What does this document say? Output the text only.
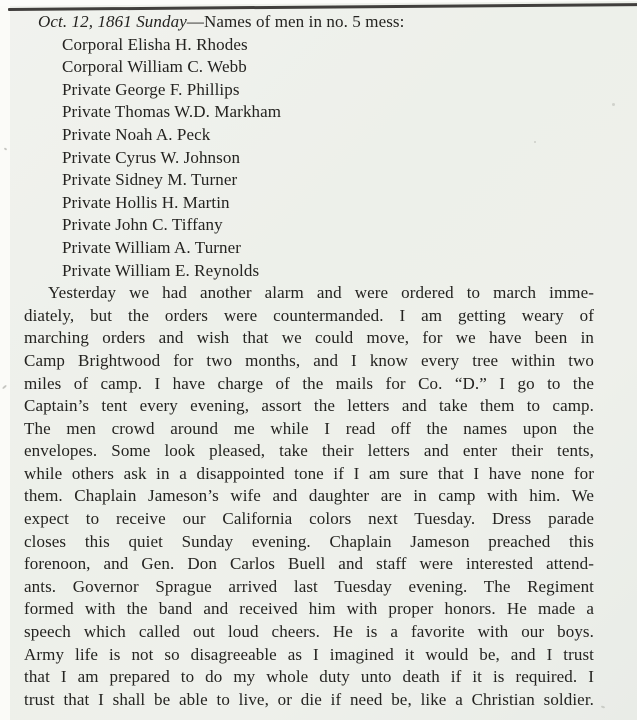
Oct. 12, 1861 Sunday—Names of men in no. 5 mess:
Corporal Elisha H. Rhodes
Corporal William C. Webb
Private George F. Phillips
Private Thomas W.D. Markham
Private Noah A. Peck
Private Cyrus W. Johnson
Private Sidney M. Turner
Private Hollis H. Martin
Private John C. Tiffany
Private William A. Turner
Private William E. Reynolds
Yesterday we had another alarm and were ordered to march imme-
diately, but the orders were countermanded. I am getting weary of
marching orders and wish that we could move, for we have been in
Camp Brightwood for two months, and I know every tree within two
miles of camp. I have charge of the mails for Co. “D.” I go to the
Captain’s tent every evening, assort the letters and take them to camp.
The men crowd around me while I read off the names upon the
envelopes. Some look pleased, take their letters and enter their tents,
while others ask in a disappointed tone if I am sure that I have none for
them. Chaplain Jameson’s wife and daughter are in camp with him. We
expect to receive our California colors next Tuesday. Dress parade
closes this quiet Sunday evening. Chaplain Jameson preached this
forenoon, and Gen. Don Carlos Buell and staff were interested attend-
ants. Governor Sprague arrived last Tuesday evening. The Regiment
formed with the band and received him with proper honors. He made a
speech which called out loud cheers. He is a favorite with our boys.
Army life is not so disagreeable as I imagined it would be, and I trust
that I am prepared to do my whole duty unto death if it is required. I
trust that I shall be able to live, or die if need be, like a Christian soldier.
